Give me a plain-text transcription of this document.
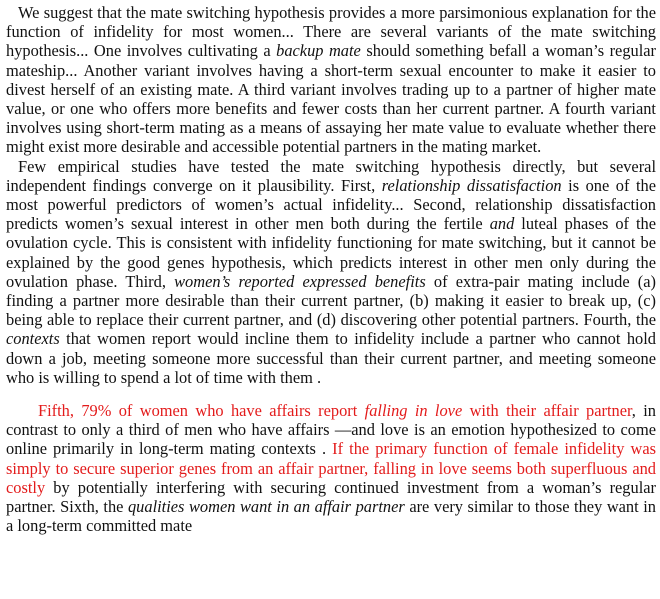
We suggest that the mate switching hypothesis provides a more parsimonious explanation for the function of infidelity for most women... There are several variants of the mate switching hypothesis... One involves cultivating a backup mate should something befall a woman’s regular mateship... Another variant involves having a short-term sexual encounter to make it easier to divest herself of an existing mate. A third variant involves trading up to a partner of higher mate value, or one who offers more benefits and fewer costs than her current partner. A fourth variant involves using short-term mating as a means of assaying her mate value to evaluate whether there might exist more desirable and accessible potential partners in the mating market.

Few empirical studies have tested the mate switching hypothesis directly, but several independent findings converge on it plausibility. First, relationship dissatisfaction is one of the most powerful predictors of women’s actual infidelity... Second, relationship dissatisfaction predicts women’s sexual interest in other men both during the fertile and luteal phases of the ovulation cycle. This is consistent with infidelity functioning for mate switching, but it cannot be explained by the good genes hypothesis, which predicts interest in other men only during the ovulation phase. Third, women’s reported expressed benefits of extra-pair mating include (a) finding a partner more desirable than their current partner, (b) making it easier to break up, (c) being able to replace their current partner, and (d) discovering other potential partners. Fourth, the contexts that women report would incline them to infidelity include a partner who cannot hold down a job, meeting someone more successful than their current partner, and meeting someone who is willing to spend a lot of time with them .

Fifth, 79% of women who have affairs report falling in love with their affair partner, in contrast to only a third of men who have affairs —and love is an emotion hypothesized to come online primarily in long-term mating contexts . If the primary function of female infidelity was simply to secure superior genes from an affair partner, falling in love seems both superfluous and costly by potentially interfering with securing continued investment from a woman’s regular partner. Sixth, the qualities women want in an affair partner are very similar to those they want in a long-term committed mate
